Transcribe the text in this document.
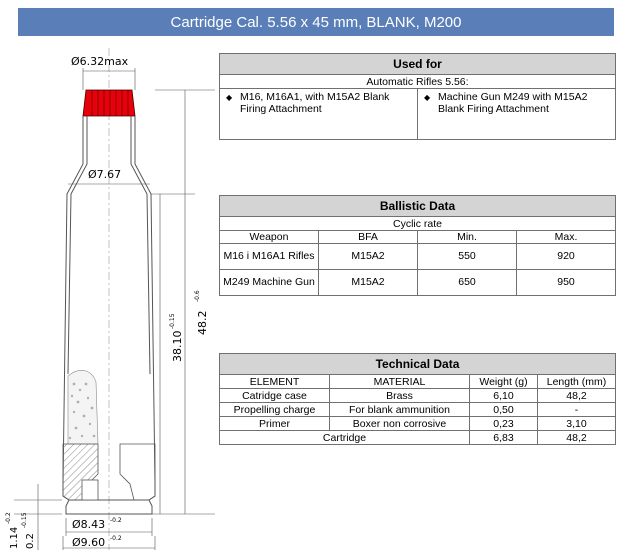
Cartridge Cal. 5.56 x 45 mm, BLANK, M200
Ø6.32max
Ø7.67
48.2
-0.6
38.10
-0.15
Ø8.43 -0.2
Ø9.60 -0.2
1.14
-0.2
0.2
-0.15
Used for
Automatic Rifles 5.56:
◆ M16, M16A1, with M15A2 Blank Firing Attachment	◆ Machine Gun M249 with M15A2 Blank Firing Attachment
Ballistic Data			
Cyclic rate			
Weapon	BFA	Min.	Max.
M16 i M16A1 Rifles	M15A2	550	920
M249 Machine Gun	M15A2	650	950
Technical Data			
ELEMENT	MATERIAL	Weight (g)	Length (mm)
Catridge case	Brass	6,10	48,2
Propelling charge	For blank ammunition	0,50	-
Primer	Boxer non corrosive	0,23	3,10
Cartridge		6,83	48,2
